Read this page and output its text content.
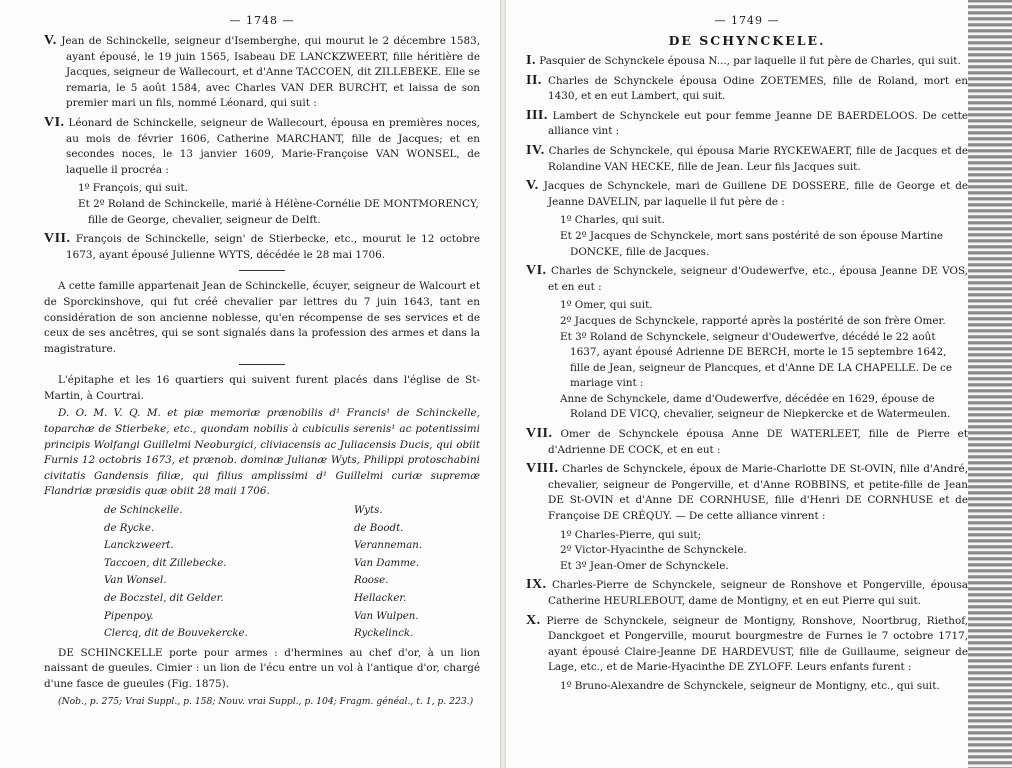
— 1748 —

V. Jean de Schinckelle, seigneur d'Isemberghe, qui mourut le 2 décembre 1583, ayant épousé, le 19 juin 1565, Isabeau DE LANCKZWEERT, fille héritière de Jacques, seigneur de Wallecourt, et d'Anne TACCOEN, dit ZILLEBEKE. Elle se remaria, le 5 août 1584, avec Charles VAN DER BURCHT, et laissa de son premier mari un fils, nommé Léonard, qui suit :

VI. Léonard de Schinckelle, seigneur de Wallecourt, épousa en premières noces, au mois de février 1606, Catherine MARCHANT, fille de Jacques; et en secondes noces, le 13 janvier 1609, Marie-Françoise VAN WONSEL, de laquelle il procréa :

1º François, qui suit.

Et 2º Roland de Schinckelle, marié à Hélène-Cornélie DE MONTMORENCY, fille de George, chevalier, seigneur de Delft.

VII. François de Schinckelle, seign' de Stierbecke, etc., mourut le 12 octobre 1673, ayant épousé Julienne WYTS, décédée le 28 mai 1706.

A cette famille appartenait Jean de Schinckelle, écuyer, seigneur de Walcourt et de Sporckinshove, qui fut créé chevalier par lettres du 7 juin 1643, tant en considération de son ancienne noblesse, qu'en récompense de ses services et de ceux de ses ancêtres, qui se sont signalés dans la profession des armes et dans la magistrature.

L'épitaphe et les 16 quartiers qui suivent furent placés dans l'église de St-Martin, à Courtrai.

D. O. M. V. Q. M. et piæ memoriæ prænobilis d¹ Francis¹ de Schinckelle, toparchæ de Stierbeke, etc., quondam nobilis à cubiculis serenis¹ ac potentissimi principis Wolfangi Guillelmi Neoburgici, cliviacensis ac Juliacensis Ducis, qui obiit Furnis 12 octobris 1673, et prænob. dominæ Julianæ Wyts, Philippi protoschabini civitatis Gandensis filiæ, qui filius amplissimi d¹ Guillelmi curiæ supremæ Flandriæ præsidis quæ obiit 28 maii 1706.

de Schinckelle.	Wyts.
de Rycke.	de Boodt.
Lanckzweert.	Veranneman.
Taccoen, dit Zillebecke.	Van Damme.
Van Wonsel.	Roose.
de Boczstel, dit Gelder.	Hellacker.
Pipenpoy.	Van Wulpen.
Clercq, dit de Bouvekercke.	Ryckelinck.

DE SCHINCKELLE porte pour armes : d'hermines au chef d'or, à un lion naissant de gueules. Cimier : un lion de l'écu entre un vol à l'antique d'or, chargé d'une fasce de gueules (Fig. 1875).

(Nob., p. 275; Vrai Suppl., p. 158; Nouv. vrai Suppl., p. 104; Fragm. généal., t. 1, p. 223.)

— 1749 —
DE SCHYNCKELE.

I. Pasquier de Schynckele épousa N..., par laquelle il fut père de Charles, qui suit.

II. Charles de Schynckele épousa Odine ZOETEMES, fille de Roland, mort en 1430, et en eut Lambert, qui suit.

III. Lambert de Schynckele eut pour femme Jeanne DE BAERDELOOS. De cette alliance vint :

IV. Charles de Schynckele, qui épousa Marie RYCKEWAERT, fille de Jacques et de Rolandine VAN HECKE, fille de Jean. Leur fils Jacques suit.

V. Jacques de Schynckele, mari de Guillene DE DOSSERE, fille de George et de Jeanne DAVELIN, par laquelle il fut père de :

1º Charles, qui suit.

Et 2º Jacques de Schynckele, mort sans postérité de son épouse Martine DONCKE, fille de Jacques.

VI. Charles de Schynckele, seigneur d'Oudewerfve, etc., épousa Jeanne DE VOS, et en eut :

1º Omer, qui suit.

2º Jacques de Schynckele, rapporté après la postérité de son frère Omer.

Et 3º Roland de Schynckele, seigneur d'Oudewerfve, décédé le 22 août 1637, ayant épousé Adrienne DE BERCH, morte le 15 septembre 1642, fille de Jean, seigneur de Plancques, et d'Anne DE LA CHAPELLE. De ce mariage vint :

Anne de Schynckele, dame d'Oudewerfve, décédée en 1629, épouse de Roland DE VICQ, chevalier, seigneur de Niepkercke et de Watermeulen.

VII. Omer de Schynckele épousa Anne DE WATERLEET, fille de Pierre et d'Adrienne DE COCK, et en eut :

VIII. Charles de Schynckele, époux de Marie-Charlotte DE St-OVIN, fille d'André, chevalier, seigneur de Pongerville, et d'Anne ROBBINS, et petite-fille de Jean DE St-OVIN et d'Anne DE CORNHUSE, fille d'Henri DE CORNHUSE et de Françoise DE CRÉQUY. — De cette alliance vinrent :

1º Charles-Pierre, qui suit;

2º Victor-Hyacinthe de Schynckele.

Et 3º Jean-Omer de Schynckele.

IX. Charles-Pierre de Schynckele, seigneur de Ronshove et Pongerville, épousa Catherine HEURLEBOUT, dame de Montigny, et en eut Pierre qui suit.

X. Pierre de Schynckele, seigneur de Montigny, Ronshove, Noortbrug, Riethof, Danckgoet et Pongerville, mourut bourgmestre de Furnes le 7 octobre 1717, ayant épousé Claire-Jeanne DE HARDEVUST, fille de Guillaume, seigneur de Lage, etc., et de Marie-Hyacinthe DE ZYLOFF. Leurs enfants furent :

1º Bruno-Alexandre de Schynckele, seigneur de Montigny, etc., qui suit.
